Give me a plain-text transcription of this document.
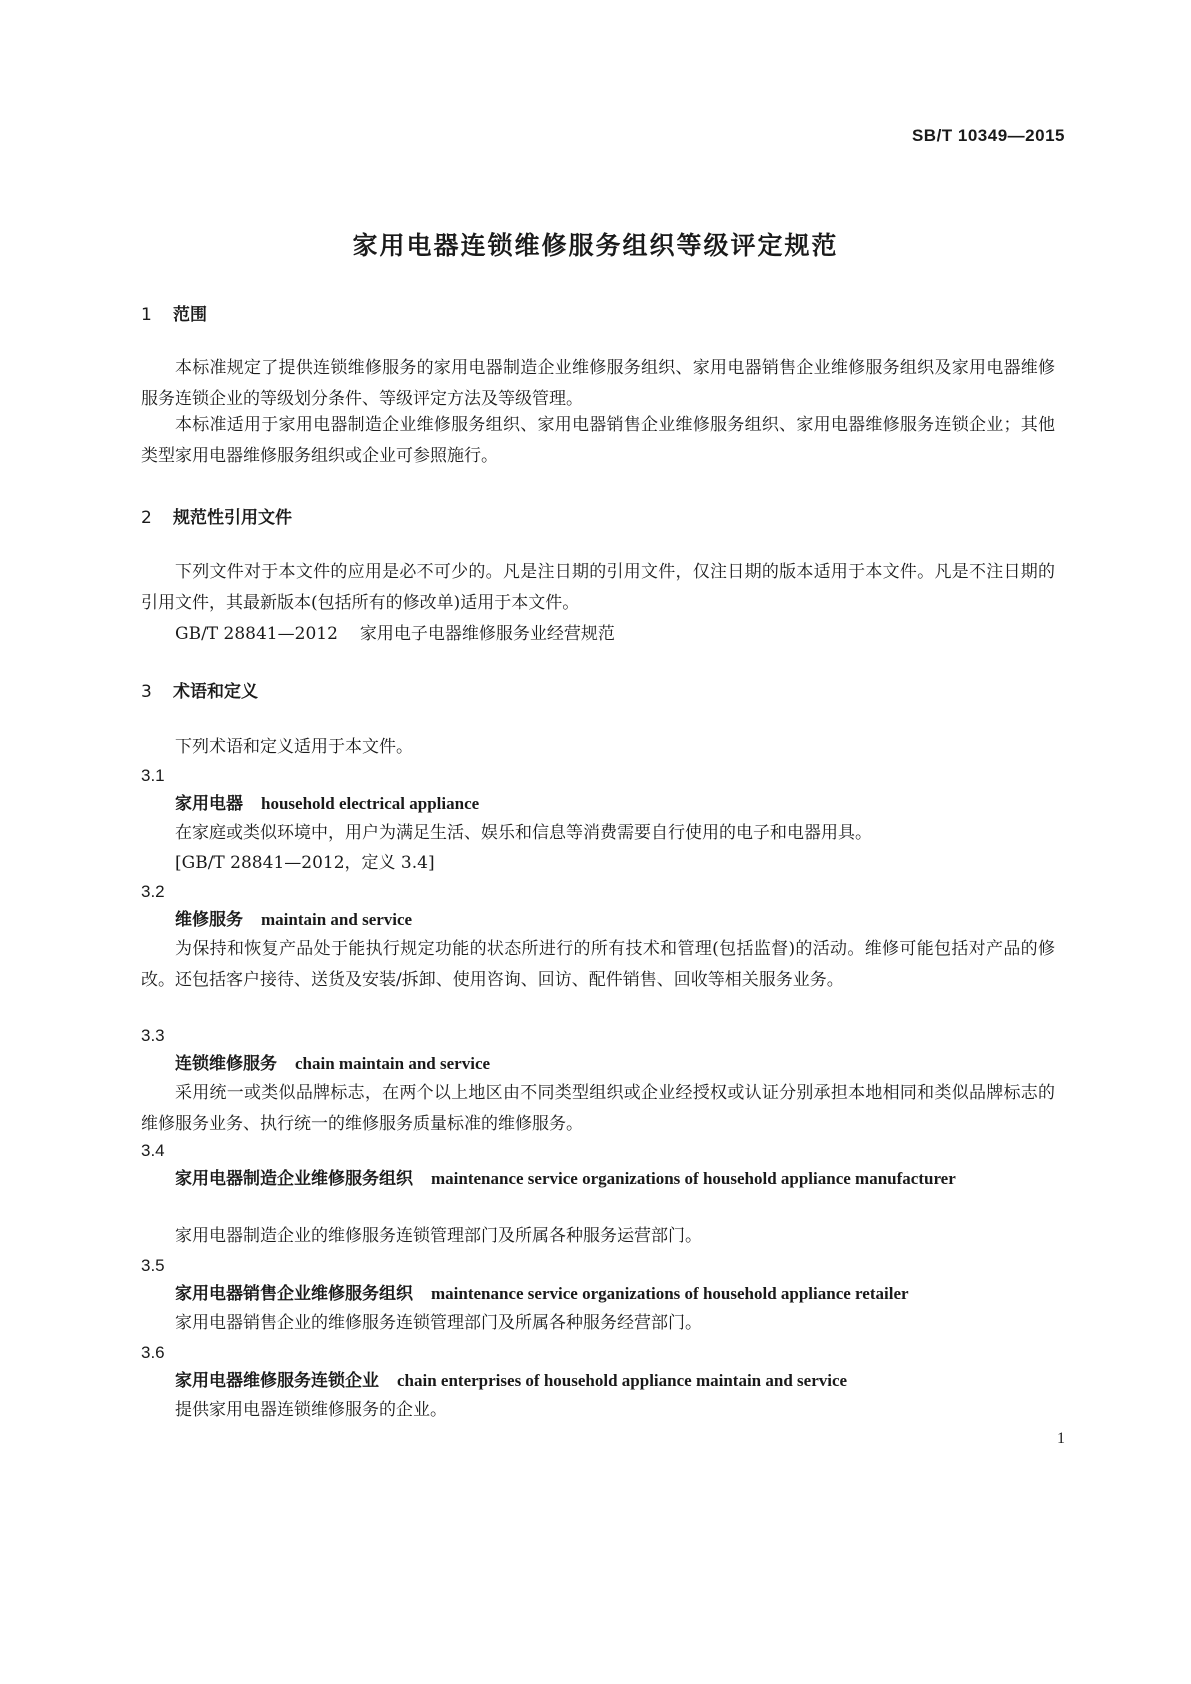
SB/T 10349—2015
家用电器连锁维修服务组织等级评定规范
1 范围
本标准规定了提供连锁维修服务的家用电器制造企业维修服务组织、家用电器销售企业维修服务组织及家用电器维修服务连锁企业的等级划分条件、等级评定方法及等级管理。
本标准适用于家用电器制造企业维修服务组织、家用电器销售企业维修服务组织、家用电器维修服务连锁企业；其他类型家用电器维修服务组织或企业可参照施行。
2 规范性引用文件
下列文件对于本文件的应用是必不可少的。凡是注日期的引用文件，仅注日期的版本适用于本文件。凡是不注日期的引用文件，其最新版本(包括所有的修改单)适用于本文件。
GB/T 28841—2012 家用电子电器维修服务业经营规范
3 术语和定义
下列术语和定义适用于本文件。
3.1
家用电器 household electrical appliance
在家庭或类似环境中，用户为满足生活、娱乐和信息等消费需要自行使用的电子和电器用具。
[GB/T 28841—2012，定义 3.4]
3.2
维修服务 maintain and service
为保持和恢复产品处于能执行规定功能的状态所进行的所有技术和管理(包括监督)的活动。维修可能包括对产品的修改。还包括客户接待、送货及安装/拆卸、使用咨询、回访、配件销售、回收等相关服务业务。
3.3
连锁维修服务 chain maintain and service
采用统一或类似品牌标志，在两个以上地区由不同类型组织或企业经授权或认证分别承担本地相同和类似品牌标志的维修服务业务、执行统一的维修服务质量标准的维修服务。
3.4
家用电器制造企业维修服务组织 maintenance service organizations of household appliance manufacturer
家用电器制造企业的维修服务连锁管理部门及所属各种服务运营部门。
3.5
家用电器销售企业维修服务组织 maintenance service organizations of household appliance retailer
家用电器销售企业的维修服务连锁管理部门及所属各种服务经营部门。
3.6
家用电器维修服务连锁企业 chain enterprises of household appliance maintain and service
提供家用电器连锁维修服务的企业。
1
